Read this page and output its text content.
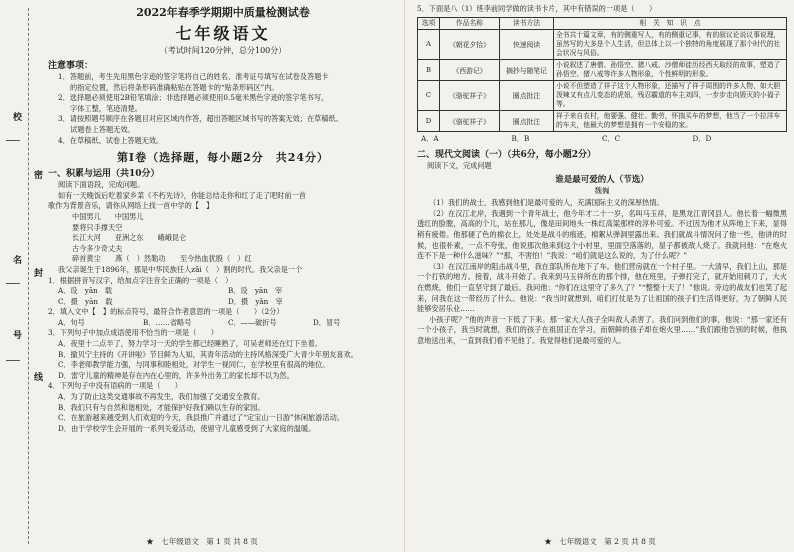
校
密
名
封
号
线

2022年春季学期期中质量检测试卷

七年级语文

（考试时间120分钟，总分100分）

注意事项：

1．答题前，考生先用黑色字迹的签字笔将自己的姓名、准考证号填写在试卷及答题卡

的指定位置，然后将条形码准确粘贴在答题卡的“贴条形码区”内。

2．选择题必须使用2B铅笔填涂；非选择题必须使用0.5毫米黑色字迹的签字笔书写，

字体工整，笔迹清楚。

3．请按照题号顺序在各题目对应区域内作答，超出答题区域书写的答案无效；在草稿纸、

试题卷上答题无效。

4．在草稿纸、试卷上答题无效。

第Ⅰ卷（选择题，每小题2分　共24分）

一、积累与运用（共10分）

阅读下面语段，完成问题。

如有一天晚饭后吃着家乡菜《不朽先诗》，你能总结走你和红了走了吧时前一首

歌作为背景音乐，请你从网络上找一首中学的【　】

中国男儿 中国男儿
要将只手撑天空
长江大河 亚洲之东 峨峨昆仑
古今多少奇丈夫
碎首黄尘　　燕（　）然勒功　　至今热血犹殷（　）红

我父亲诞生于1896年，那是中华民族任人zǎi（　）割的时代。我父亲是一个

1．根据拼音写汉字，给加点字注音全正确的一项是（　）

A．设　yān　载	B．设　yān　宰
C．摄　yān　载	D．摄　yǎn　宰

2．填入文中【　】的标点符号，最符合作者意思的一项是（　　）（2分）

A．句号	B．……省略号	C．——破折号	D．冒号

3．下列句子中加点成语使用不恰当的一项是（　　）

A．夜里十二点半了，努力学习一天的学生都已经睡熟了，可吴老师还在灯下坐着。

B．撤贝宁主持的《开讲啦》节目鲜为人知，其青年活动的主持风格深受广大青少年朋友喜欢。

C．李老师教学能力强，与同事和睦相处，对学生一视同仁，在学校里有很高的地位。

D．雷守儿童的精神是存在内在心里的，许多外出务工的家长却不以为然。

4．下列句子中没有语病的一项是（　　）

A．为了防止这类交通事故不再发生，我们加强了交通安全教育。

B．我们只有与自然和谐相处，才能保护好我们赖以生存的家园。

C．在旅游越来越受到人们欢迎的今天，我县推广并通过了“定宝山一日游”休闲旅游活动。

D．由于学校学生会开展的一系列关爱活动，使留守儿童感受到了大家庭的温暖。

★　七年级语文　第 1 页 共 8 页

5．下面是八（1）班李前同学做的读书卡片，其中有错误的一项是（　　）

选项	作品名称	读书方法	相　关　知　识　点
A	《朝花夕拾》	快速阅读	全书共十篇文章，有的侧重写人，有的侧重记事，有的叙议论说议事说理，虽然写的大多是个人生活，但总体上以一个独特的角度展现了那个时代的社会状况与风俗。
B	《西游记》	摘抄与随笔记	小说叙述了唐僧、孙悟空、猪八戒、沙僧师徒历经西天取经的故事，塑造了孙悟空、猪八戒等许多人物形象，个性鲜明的形象。
C	《骆驼祥子》	圈点批注	小说不但塑造了祥子这个人物形象，还描写了祥子周围的许多人物，如大胆泼辣又有点儿变态的虎妞，残忍霸道的车主刘四，一步步走向毁灭的小福子等。
D	《骆驼祥子》	圈点批注	祥子来自农村，他要强、健壮、勤劳，怀揣买车的梦想，他当了一个拉洋车的车夫，他最大的梦想是拥有一个安稳的家。
A．A	B．B	C．C	D．D

二、现代文阅读（一）（共6分，每小题2分）

阅读下文，完成问题

谁是最可爱的人（节选）

魏巍

（1）我们的战士，我感到他们是最可爱的人，充满国际主义的深厚热情。

（2）在汉江北岸，我遇到一个青年战士，他今年才二十一岁，名叫马玉祥，是黑龙江青冈县人。他长着一幅微黑透红的脸膛，高高的个儿，站在那儿，像是田间地头一株红高粱那样的淳朴可爱。不过因为他才从阵地上下来，显得稍有疲倦。他那褪了色的棉衣上，处处是战斗的痕迹，棉絮从弹洞里露出来。我们就战斗情况问了他一些，他讲的时候，也很朴素，一点不夸张，他说那次他来到这个小村里，里面空落落的，屋子都被敌人烧了。我就问他：“在炮火连不下是一种什么滋味？”“那，不害怕！”我说：“咱们就是这么说的，为了什么呢？”

（3）在汉江南岸的阻击战斗里，我在部队所在地下了车。他们营房就在一个村子里。一大清早，我们上山，那是一个打铁的地方。接着，战斗开始了。我来到马玉祥所在的那个排，他在班里，子弹打完了，就开始用刺刀了，大火在燃烧，他们一直坚守到了最后。我问他：“你们在这里守了多久了？”“整整十天了！”他说。旁边的战友们也笑了起来，问我在这一带经历了什么。他说：“我当时就想到，咱们打仗是为了让祖国的孩子们生活得更好，为了朝鲜人民能够安居乐业……

小孩子呢？”他的声音一下低了下来。那一家大人孩子全叫敌人杀害了。我们问到他们的事，他说：“那一家还有一个小孩子，我当时就想，我们的孩子在祖国正在学习，而朝鲜的孩子却在炮火里……”我们跟他告别的时候，他执意地送出来，一直到我们看不见他了。我觉得他们是最可爱的人。

★　七年级语文　第 2 页 共 8 页
